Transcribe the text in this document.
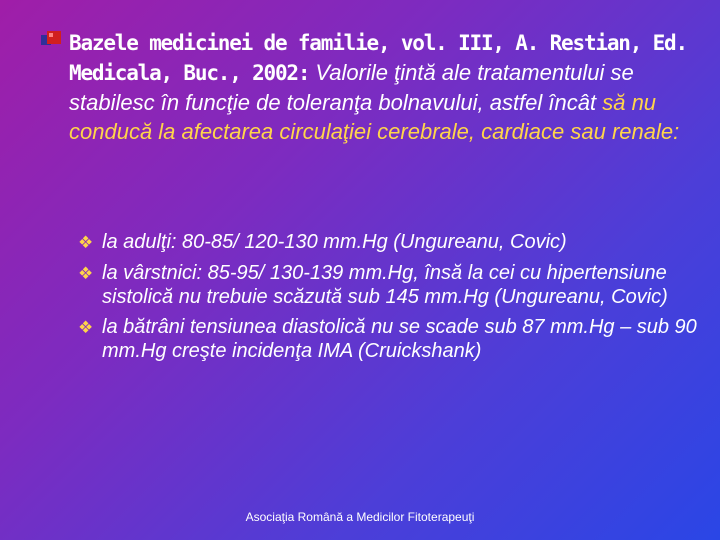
Bazele medicinei de familie, vol. III, A. Restian, Ed. Medicala, Buc., 2002: Valorile ţintă ale tratamentului se stabilesc în funcţie de toleranţa bolnavului, astfel încât să nu conducă la afectarea circulaţiei cerebrale, cardiace sau renale:
❖ la adulţi: 80-85/ 120-130 mm.Hg (Ungureanu, Covic)
❖ la vârstnici: 85-95/ 130-139 mm.Hg, însă la cei cu hipertensiune sistolică nu trebuie scăzută sub 145 mm.Hg (Ungureanu, Covic)
❖ la bătrâni tensiunea diastolică nu se scade sub 87 mm.Hg – sub 90 mm.Hg creşte incidenţa IMA (Cruickshank)
Asociaţia Română a Medicilor Fitoterapeuţi
